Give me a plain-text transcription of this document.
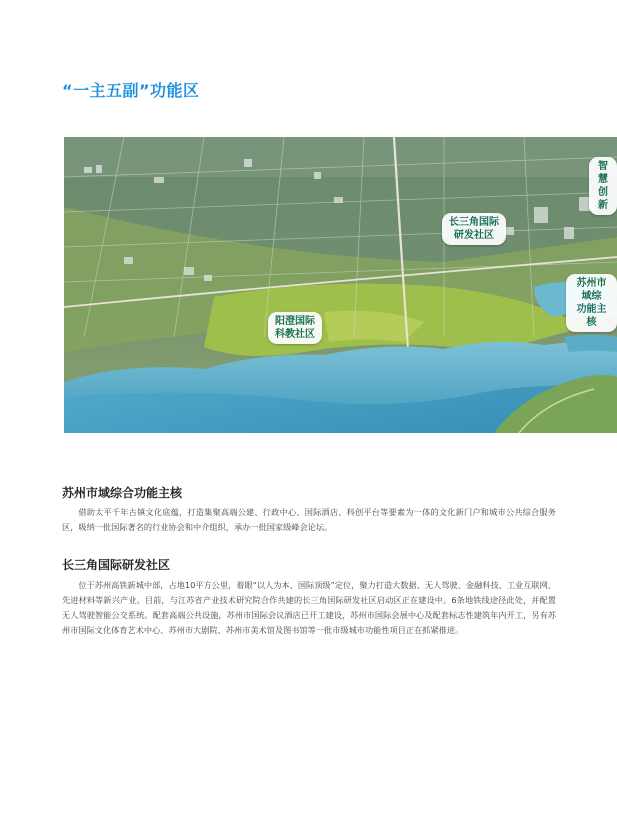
“一主五副”功能区
智慧
创新
长三角国际
研发社区
苏州市域综
功能主核
阳澄国际
科教社区
苏州市域综合功能主核
借助太平千年古镇文化底蕴，打造集聚高端公建、行政中心、国际酒店、科创平台等要素为一体的文化新门户和城市公共综合服务区，吸纳一批国际著名的行业协会和中介组织，承办一批国家级峰会论坛。
长三角国际研发社区
位于苏州高铁新城中部，占地10平方公里，着眼“以人为本、国际顶级”定位，聚力打造大数据、无人驾驶、金融科技、工业互联网、先进材料等新兴产业。目前，与江苏省产业技术研究院合作共建的长三角国际研发社区启动区正在建设中。6条地铁线途径此处，并配置无人驾驶智能公交系统。配套高端公共设施，苏州市国际会议酒店已开工建设，苏州市国际会展中心及配套标志性建筑年内开工，另有苏州市国际文化体育艺术中心、苏州市大剧院、苏州市美术馆及图书馆等一批市级城市功能性项目正在抓紧推进。
